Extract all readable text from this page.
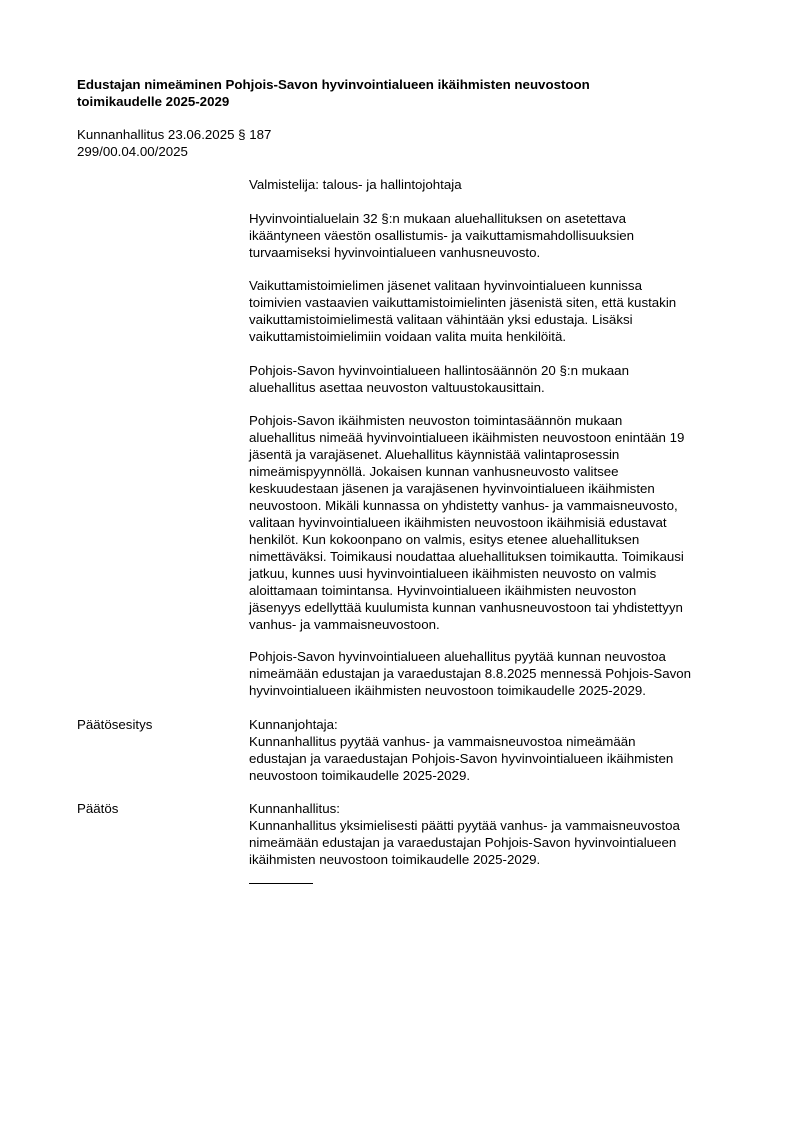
Edustajan nimeäminen Pohjois-Savon hyvinvointialueen ikäihmisten neuvostoon
toimikaudelle 2025-2029
Kunnanhallitus 23.06.2025 § 187
299/00.04.00/2025
Valmistelija: talous- ja hallintojohtaja
Hyvinvointialuelain 32 §:n mukaan aluehallituksen on asetettava
ikääntyneen väestön osallistumis- ja vaikuttamismahdollisuuksien
turvaamiseksi hyvinvointialueen vanhusneuvosto.
Vaikuttamistoimielimen jäsenet valitaan hyvinvointialueen kunnissa
toimivien vastaavien vaikuttamistoimielinten jäsenistä siten, että kustakin
vaikuttamistoimielimestä valitaan vähintään yksi edustaja. Lisäksi
vaikuttamistoimielimiin voidaan valita muita henkilöitä.
Pohjois-Savon hyvinvointialueen hallintosäännön 20 §:n mukaan
aluehallitus asettaa neuvoston valtuustokausittain.
Pohjois-Savon ikäihmisten neuvoston toimintasäännön mukaan
aluehallitus nimeää hyvinvointialueen ikäihmisten neuvostoon enintään 19
jäsentä ja varajäsenet. Aluehallitus käynnistää valintaprosessin
nimeämispyynnöllä. Jokaisen kunnan vanhusneuvosto valitsee
keskuudestaan jäsenen ja varajäsenen hyvinvointialueen ikäihmisten
neuvostoon. Mikäli kunnassa on yhdistetty vanhus- ja vammaisneuvosto,
valitaan hyvinvointialueen ikäihmisten neuvostoon ikäihmisiä edustavat
henkilöt. Kun kokoonpano on valmis, esitys etenee aluehallituksen
nimettäväksi. Toimikausi noudattaa aluehallituksen toimikautta. Toimikausi
jatkuu, kunnes uusi hyvinvointialueen ikäihmisten neuvosto on valmis
aloittamaan toimintansa. Hyvinvointialueen ikäihmisten neuvoston
jäsenyys edellyttää kuulumista kunnan vanhusneuvostoon tai yhdistettyyn
vanhus- ja vammaisneuvostoon.
Pohjois-Savon hyvinvointialueen aluehallitus pyytää kunnan neuvostoa
nimeämään edustajan ja varaedustajan 8.8.2025 mennessä Pohjois-Savon
hyvinvointialueen ikäihmisten neuvostoon toimikaudelle 2025-2029.
Päätösesitys	Kunnanjohtaja:
Kunnanhallitus pyytää vanhus- ja vammaisneuvostoa nimeämään
edustajan ja varaedustajan Pohjois-Savon hyvinvointialueen ikäihmisten
neuvostoon toimikaudelle 2025-2029.
Päätös	Kunnanhallitus:
Kunnanhallitus yksimielisesti päätti pyytää vanhus- ja vammaisneuvostoa
nimeämään edustajan ja varaedustajan Pohjois-Savon hyvinvointialueen
ikäihmisten neuvostoon toimikaudelle 2025-2029.
